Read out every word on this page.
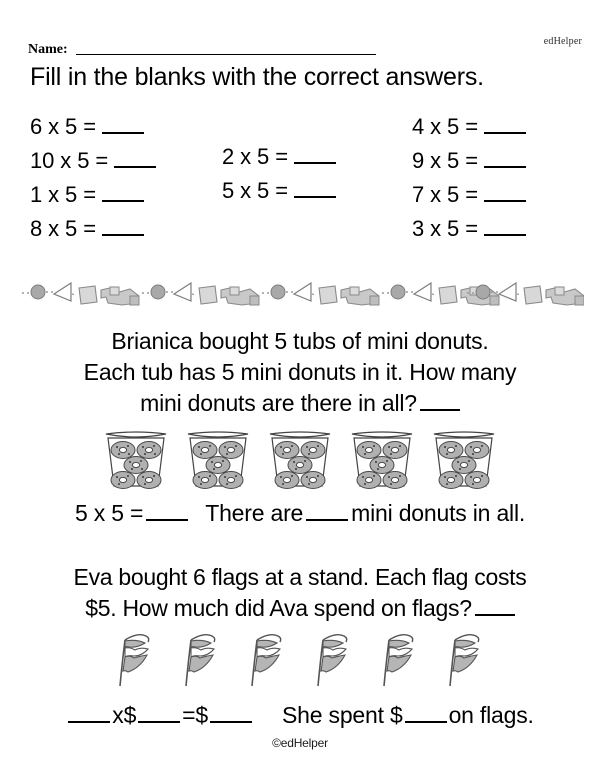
edHelper
Name:
Fill in the blanks with the correct answers.
6 x 5 =
10 x 5 =
1 x 5 =
8 x 5 =
2 x 5 =
5 x 5 =
4 x 5 =
9 x 5 =
7 x 5 =
3 x 5 =
Brianica bought 5 tubs of mini donuts.
Each tub has 5 mini donuts in it. How many
mini donuts are there in all?
5 x 5 =	There are mini donuts in all.
Eva bought 6 flags at a stand. Each flag costs
$5. How much did Ava spend on flags?
x$ =$	She spent $ on flags.
©edHelper
